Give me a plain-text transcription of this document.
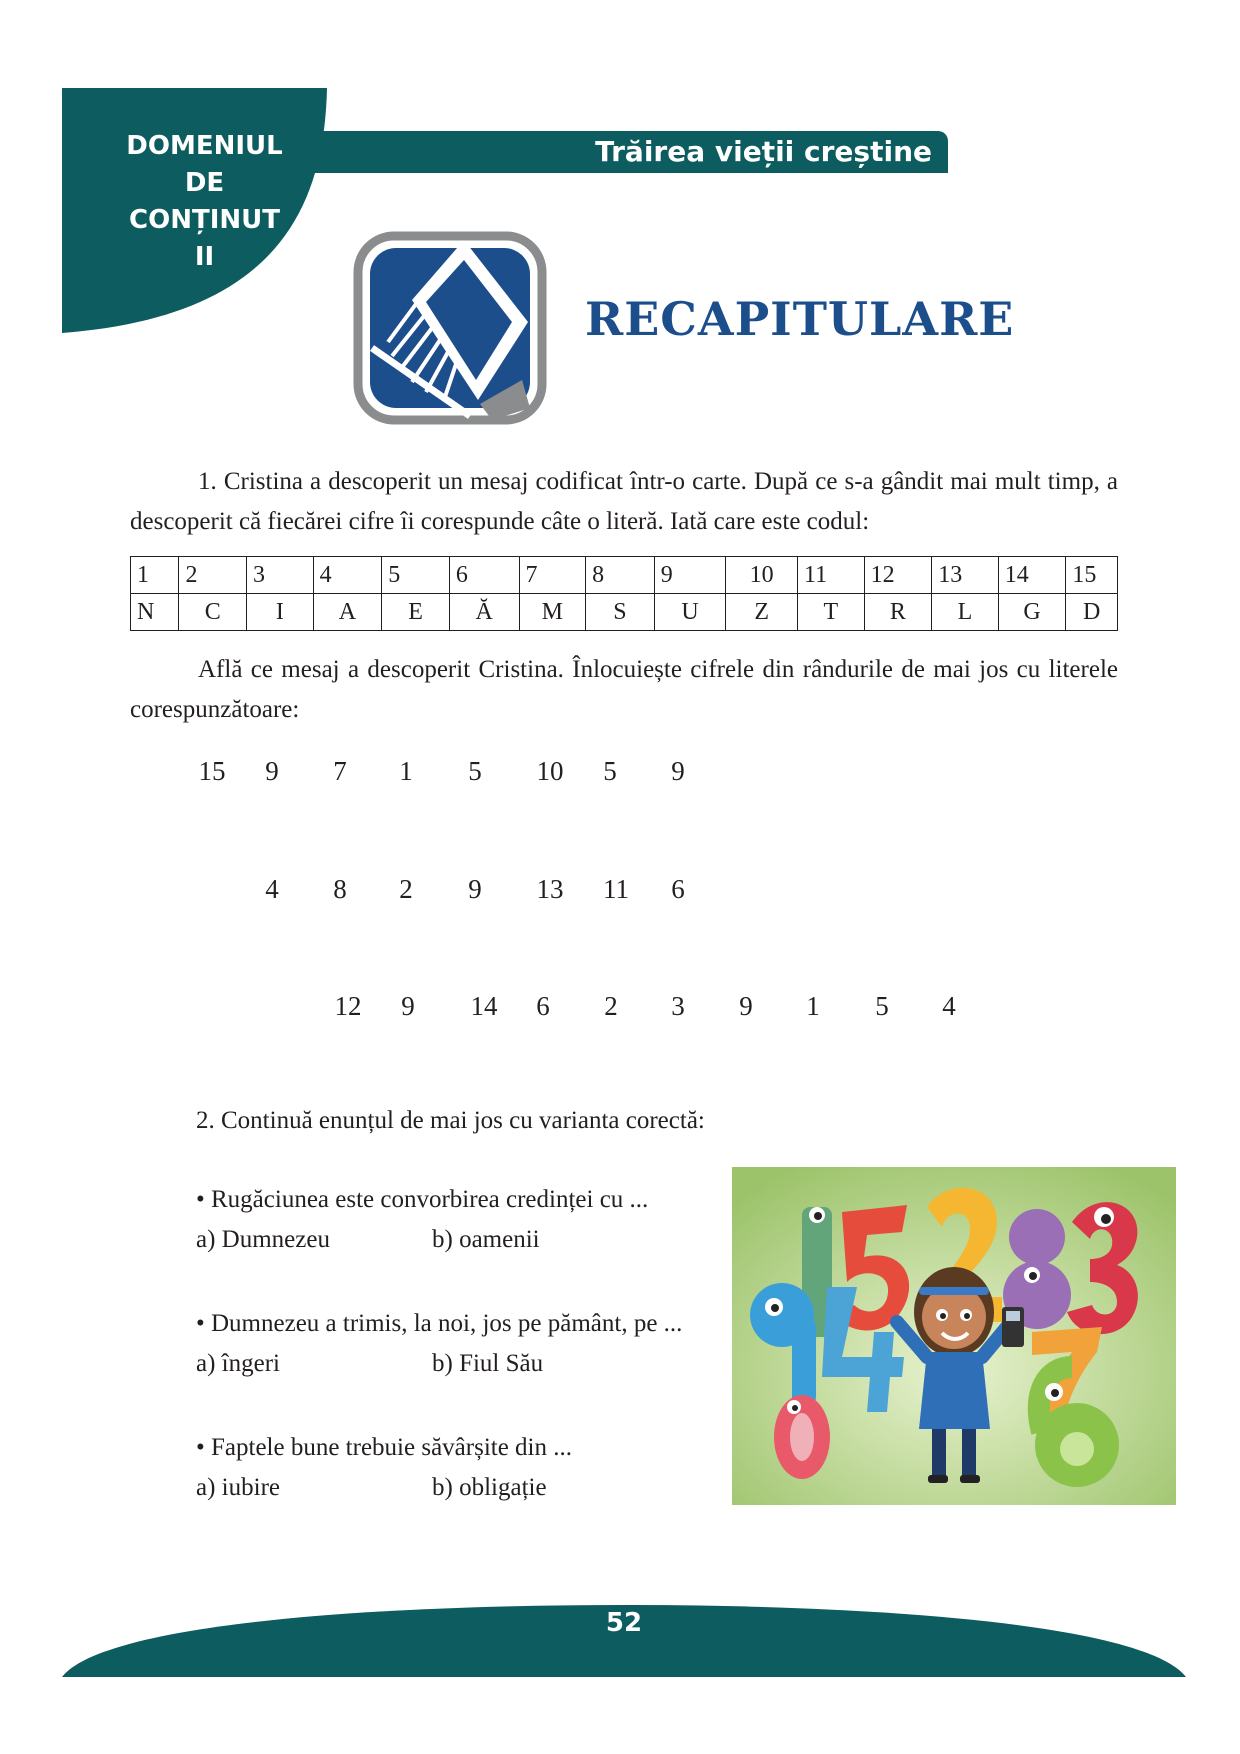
DOMENIUL
DE
CONȚINUT
II
Trăirea vieții creștine
RECAPITULARE
1. Cristina a descoperit un mesaj codificat într-o carte. După ce s-a gândit mai mult timp, a descoperit că fiecărei cifre îi corespunde câte o literă. Iată care este codul:
1	2	3	4	5	6	7	8	9	10	11	12	13	14	15
N	C	I	A	E	Ă	M	S	U	Z	T	R	L	G	D
Află ce mesaj a descoperit Cristina. Înlocuiește cifrele din rândurile de mai jos cu literele corespunzătoare:
15	9	7	1	5	10	5	9
4	8	2	9	13	11	6
12	9	14	6	2	3	9	1	5	4
2. Continuă enunțul de mai jos cu varianta corectă:
• Rugăciunea este convorbirea credinței cu ...
a) Dumnezeu	b) oamenii
• Dumnezeu a trimis, la noi, jos pe pământ, pe ...
a) îngeri	b) Fiul Său
• Faptele bune trebuie săvârșite din ...
a) iubire	b) obligație
52
